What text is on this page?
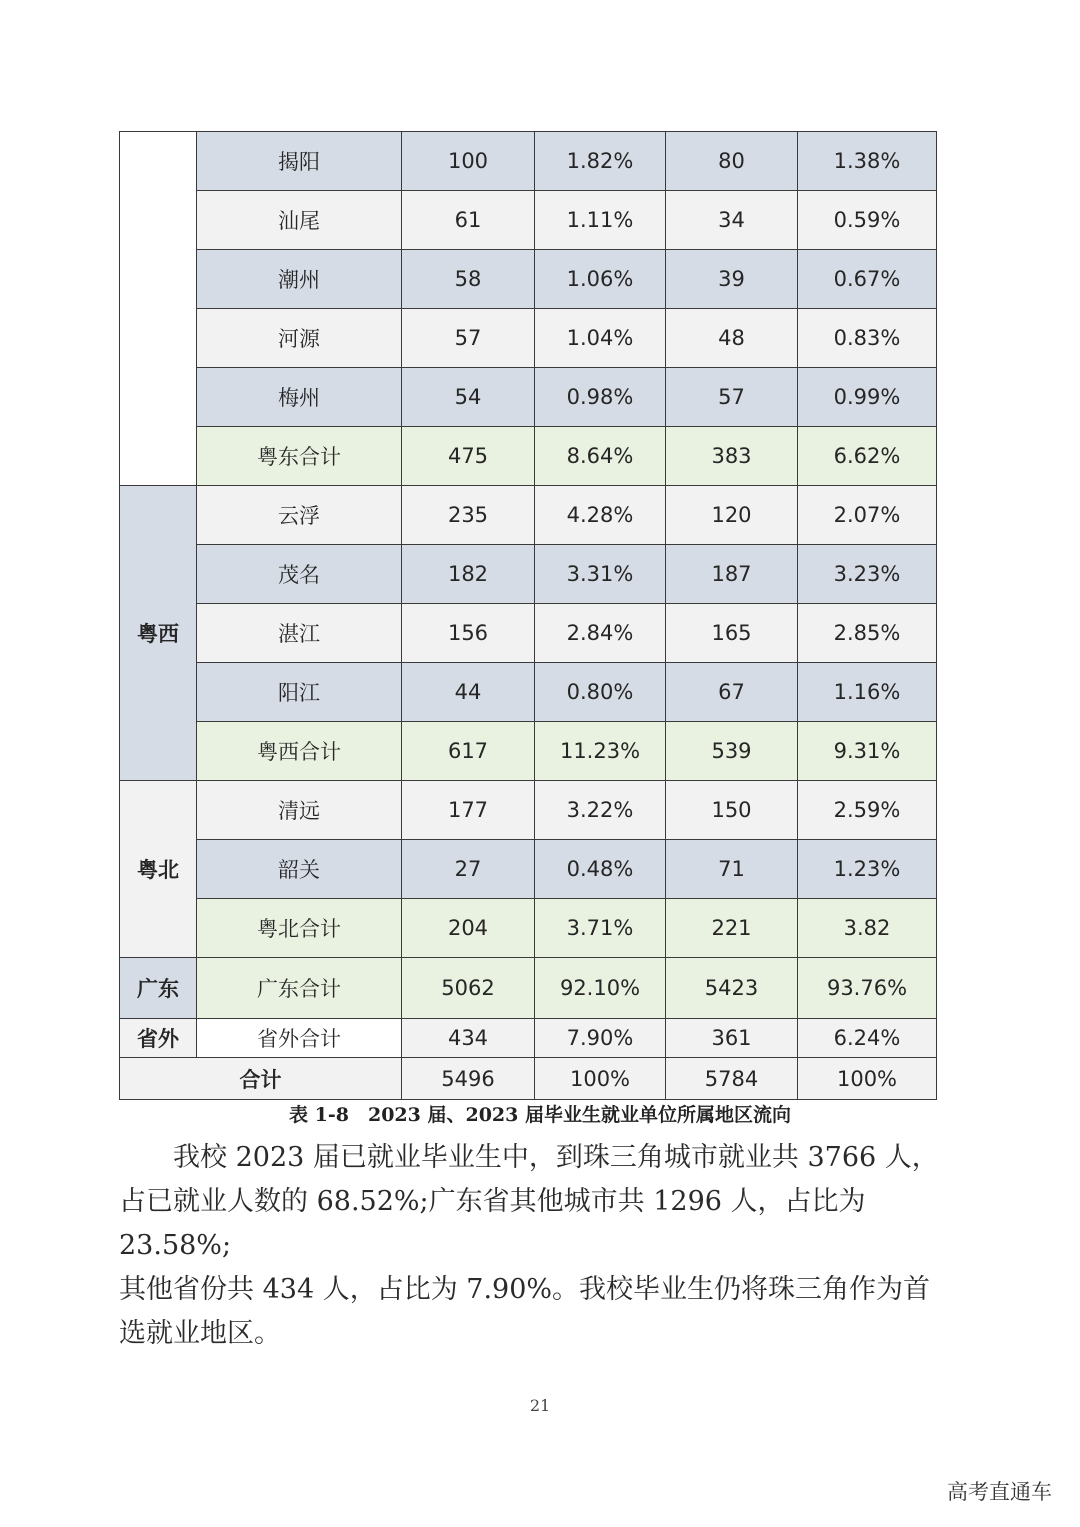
	揭阳	100	1.82%	80	1.38%
	汕尾	61	1.11%	34	0.59%
	潮州	58	1.06%	39	0.67%
	河源	57	1.04%	48	0.83%
	梅州	54	0.98%	57	0.99%
	粤东合计	475	8.64%	383	6.62%
粤西	云浮	235	4.28%	120	2.07%
	茂名	182	3.31%	187	3.23%
	湛江	156	2.84%	165	2.85%
	阳江	44	0.80%	67	1.16%
	粤西合计	617	11.23%	539	9.31%
粤北	清远	177	3.22%	150	2.59%
	韶关	27	0.48%	71	1.23%
	粤北合计	204	3.71%	221	3.82
广东	广东合计	5062	92.10%	5423	93.76%
省外	省外合计	434	7.90%	361	6.24%
合计		5496	100%	5784	100%
表 1-8　2023 届、2023 届毕业生就业单位所属地区流向

我校 2023 届已就业毕业生中，到珠三角城市就业共 3766 人，

占已就业人数的 68.52%;广东省其他城市共 1296 人，占比为 23.58%;

其他省份共 434 人，占比为 7.90%。我校毕业生仍将珠三角作为首

选就业地区。

21
高考直通车
